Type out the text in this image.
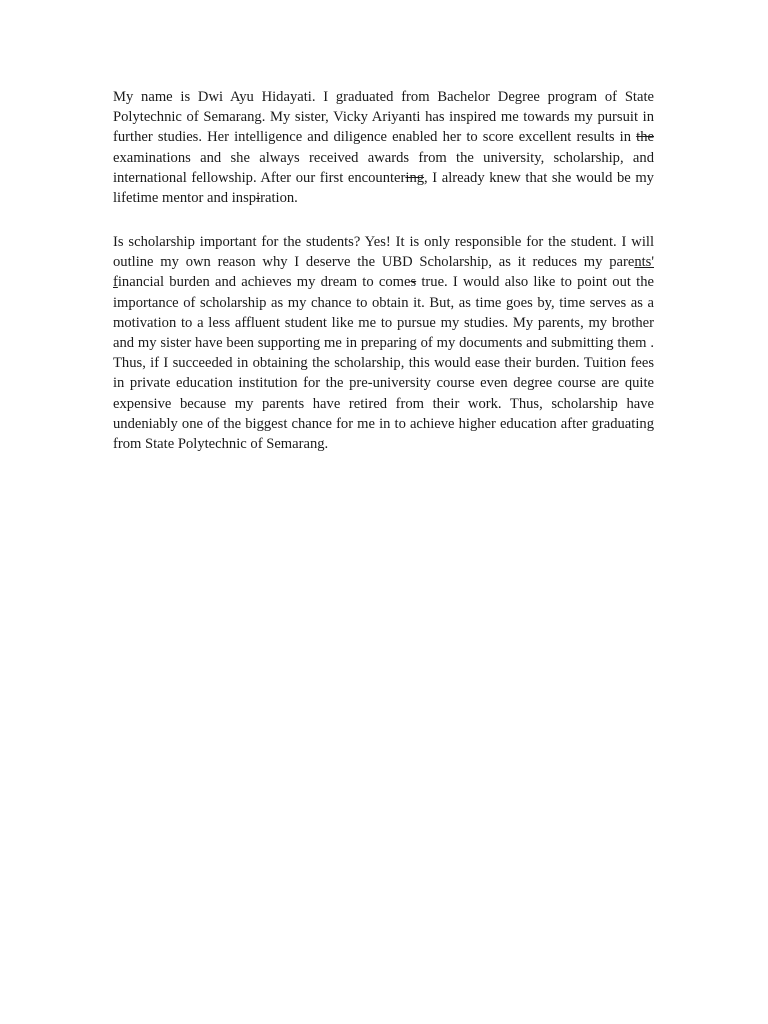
My name is Dwi Ayu Hidayati. I graduated from Bachelor Degree program of State Polytechnic of Semarang. My sister, Vicky Ariyanti has inspired me towards my pursuit in further studies. Her intelligence and diligence enabled her to score excellent results in the examinations and she always received awards from the university, scholarship, and international fellowship. After our first encountering, I already knew that she would be my lifetime mentor and inspiration.

Is scholarship important for the students? Yes! It is only responsible for the student. I will outline my own reason why I deserve the UBD Scholarship, as it reduces my parents' financial burden and achieves my dream to comes true. I would also like to point out the importance of scholarship as my chance to obtain it. But, as time goes by, time serves as a motivation to a less affluent student like me to pursue my studies. My parents, my brother and my sister have been supporting me in preparing of my documents and submitting them . Thus, if I succeeded in obtaining the scholarship, this would ease their burden. Tuition fees in private education institution for the pre-university course even degree course are quite expensive because my parents have retired from their work. Thus, scholarship have undeniably one of the biggest chance for me in to achieve higher education after graduating from State Polytechnic of Semarang.
